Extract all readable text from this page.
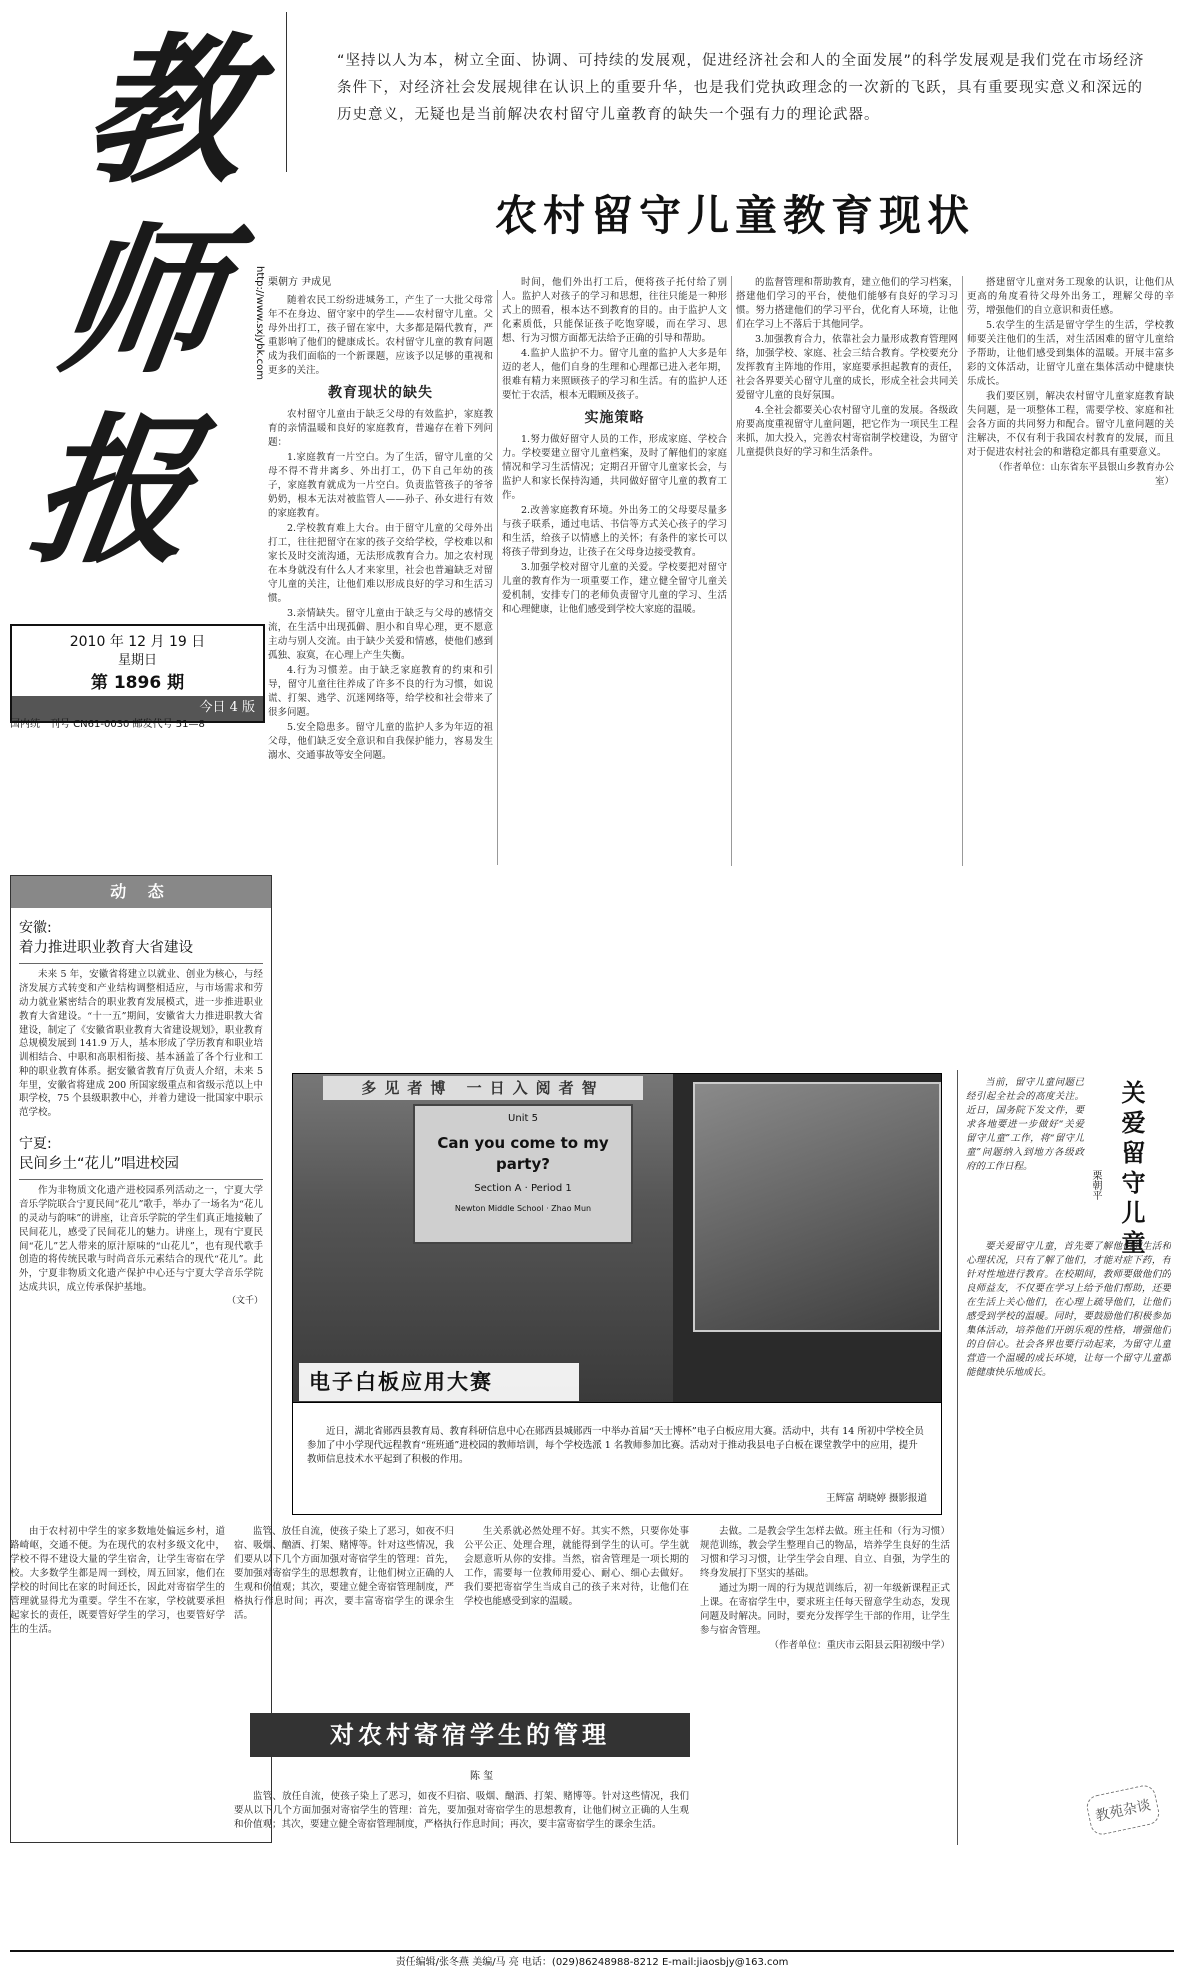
教师报
http://www.sxjybk.com
2010 年 12 月 19 日
星期日
第 1896 期
今日 4 版
国内统一刊号 CN61-0030 邮发代号 51—8

“坚持以人为本，树立全面、协调、可持续的发展观，促进经济社会和人的全面发展”的科学发展观是我们党在市场经济条件下，对经济社会发展规律在认识上的重要升华，也是我们党执政理念的一次新的飞跃，具有重要现实意义和深远的历史意义，无疑也是当前解决农村留守儿童教育的缺失一个强有力的理论武器。

农村留守儿童教育现状
栗朝方 尹成见

随着农民工纷纷进城务工，产生了一大批父母常年不在身边、留守家中的学生——农村留守儿童。父母外出打工，孩子留在家中，大多都是隔代教育，严重影响了他们的健康成长。农村留守儿童的教育问题成为我们面临的一个新课题，应该予以足够的重视和更多的关注。

教育现状的缺失

农村留守儿童由于缺乏父母的有效监护，家庭教育的亲情温暖和良好的家庭教育，普遍存在着下列问题：

1.家庭教育一片空白。为了生活，留守儿童的父母不得不背井离乡、外出打工，仍下自己年幼的孩子，家庭教育就成为一片空白。负责监管孩子的爷爷奶奶，根本无法对被监管人——孙子、孙女进行有效的家庭教育。

2.学校教育难上大台。由于留守儿童的父母外出打工，往往把留守在家的孩子交给学校，学校难以和家长及时交流沟通，无法形成教育合力。加之农村现在本身就没有什么人才来家里，社会也普遍缺乏对留守儿童的关注，让他们难以形成良好的学习和生活习惯。

3.亲情缺失。留守儿童由于缺乏与父母的感情交流，在生活中出现孤僻、胆小和自卑心理，更不愿意主动与别人交流。由于缺少关爱和情感，使他们感到孤独、寂寞，在心理上产生失衡。

4.行为习惯差。由于缺乏家庭教育的约束和引导，留守儿童往往养成了许多不良的行为习惯，如说谎、打架、逃学、沉迷网络等，给学校和社会带来了很多问题。

5.安全隐患多。留守儿童的监护人多为年迈的祖父母，他们缺乏安全意识和自我保护能力，容易发生溺水、交通事故等安全问题。

时间，他们外出打工后，便将孩子托付给了别人。监护人对孩子的学习和思想，往往只能是一种形式上的照看，根本达不到教育的目的。由于监护人文化素质低，只能保证孩子吃饱穿暖，而在学习、思想、行为习惯方面都无法给予正确的引导和帮助。

4.监护人监护不力。留守儿童的监护人大多是年迈的老人，他们自身的生理和心理都已进入老年期，很难有精力来照顾孩子的学习和生活。有的监护人还要忙于农活，根本无暇顾及孩子。

实施策略

1.努力做好留守人员的工作，形成家庭、学校合力。学校要建立留守儿童档案，及时了解他们的家庭情况和学习生活情况；定期召开留守儿童家长会，与监护人和家长保持沟通，共同做好留守儿童的教育工作。

2.改善家庭教育环境。外出务工的父母要尽量多与孩子联系，通过电话、书信等方式关心孩子的学习和生活，给孩子以情感上的关怀；有条件的家长可以将孩子带到身边，让孩子在父母身边接受教育。

3.加强学校对留守儿童的关爱。学校要把对留守儿童的教育作为一项重要工作，建立健全留守儿童关爱机制，安排专门的老师负责留守儿童的学习、生活和心理健康，让他们感受到学校大家庭的温暖。

的监督管理和帮助教育，建立他们的学习档案，搭建他们学习的平台，使他们能够有良好的学习习惯。努力搭建他们的学习平台，优化育人环境，让他们在学习上不落后于其他同学。

3.加强教育合力，依靠社会力量形成教育管理网络，加强学校、家庭、社会三结合教育。学校要充分发挥教育主阵地的作用，家庭要承担起教育的责任，社会各界要关心留守儿童的成长，形成全社会共同关爱留守儿童的良好氛围。

4.全社会都要关心农村留守儿童的发展。各级政府要高度重视留守儿童问题，把它作为一项民生工程来抓，加大投入，完善农村寄宿制学校建设，为留守儿童提供良好的学习和生活条件。

搭建留守儿童对务工现象的认识，让他们从更高的角度看待父母外出务工，理解父母的辛劳，增强他们的自立意识和责任感。

5.农学生的生活是留守学生的生活，学校教师要关注他们的生活，对生活困难的留守儿童给予帮助，让他们感受到集体的温暖。开展丰富多彩的文体活动，让留守儿童在集体活动中健康快乐成长。

我们要区别，解决农村留守儿童家庭教育缺失问题，是一项整体工程，需要学校、家庭和社会各方面的共同努力和配合。留守儿童问题的关注解决，不仅有利于我国农村教育的发展，而且对于促进农村社会的和谐稳定都具有重要意义。

（作者单位：山东省东平县银山乡教育办公室）

动 态
安徽:
着力推进职业教育大省建设

未来 5 年，安徽省将建立以就业、创业为核心，与经济发展方式转变和产业结构调整相适应，与市场需求和劳动力就业紧密结合的职业教育发展模式，进一步推进职业教育大省建设。“十一五”期间，安徽省大力推进职教大省建设，制定了《安徽省职业教育大省建设规划》，职业教育总规模发展到 141.9 万人，基本形成了学历教育和职业培训相结合、中职和高职相衔接、基本涵盖了各个行业和工种的职业教育体系。据安徽省教育厅负责人介绍，未来 5 年里，安徽省将建成 200 所国家级重点和省级示范以上中职学校，75 个县级职教中心，并着力建设一批国家中职示范学校。

宁夏:
民间乡土“花儿”唱进校园

作为非物质文化遗产进校园系列活动之一，宁夏大学音乐学院联合宁夏民间“花儿”歌手，举办了一场名为“花儿的灵动与韵味”的讲座，让音乐学院的学生们真正地接触了民间花儿，感受了民间花儿的魅力。讲座上，现有宁夏民间“花儿”艺人带来的原汁原味的“山花儿”，也有现代歌手创造的将传统民歌与时尚音乐元素结合的现代“花儿”。此外，宁夏非物质文化遗产保护中心还与宁夏大学音乐学院达成共识，成立传承保护基地。

（文千）
多见者博 一日入阅者智
Unit 5
Can you come to my party?
Section A · Period 1
Newton Middle School · Zhao Mun
电子白板应用大赛

近日，湖北省郧西县教育局、教育科研信息中心在郧西县城郧西一中举办首届“天士博杯”电子白板应用大赛。活动中，共有 14 所初中学校全员参加了中小学现代远程教育“班班通”进校园的教师培训，每个学校选派 1 名教师参加比赛。活动对于推动我县电子白板在课堂教学中的应用，提升教师信息技术水平起到了积极的作用。

王辉富 胡晓婷 摄影报道

当前，留守儿童问题已经引起全社会的高度关注。近日，国务院下发文件，要求各地要进一步做好“关爱留守儿童”工作，将“留守儿童”问题纳入到地方各级政府的工作日程。	关爱留守儿童
栗朝平

要关爱留守儿童，首先要了解他们的生活和心理状况，只有了解了他们，才能对症下药，有针对性地进行教育。在校期间，教师要做他们的良师益友，不仅要在学习上给予他们帮助，还要在生活上关心他们，在心理上疏导他们，让他们感受到学校的温暖。同时，要鼓励他们积极参加集体活动，培养他们开朗乐观的性格，增强他们的自信心。社会各界也要行动起来，为留守儿童营造一个温暖的成长环境，让每一个留守儿童都能健康快乐地成长。

教苑杂谈

由于农村初中学生的家多数地处偏远乡村，道路崎岖，交通不便。为在现代的农村多级文化中，学校不得不建设大量的学生宿舍，让学生寄宿在学校。大多数学生都是周一到校，周五回家，他们在学校的时间比在家的时间还长，因此对寄宿学生的管理就显得尤为重要。学生不在家，学校就要承担起家长的责任，既要管好学生的学习，也要管好学生的生活。

监管、放任自流，使孩子染上了恶习，如夜不归宿、吸烟、酗酒、打架、赌博等。针对这些情况，我们要从以下几个方面加强对寄宿学生的管理：首先，要加强对寄宿学生的思想教育，让他们树立正确的人生观和价值观；其次，要建立健全寄宿管理制度，严格执行作息时间；再次，要丰富寄宿学生的课余生活。

生关系就必然处理不好。其实不然，只要你处事公平公正、处理合理，就能得到学生的认可。学生就会愿意听从你的安排。当然，宿舍管理是一项长期的工作，需要每一位教师用爱心、耐心、细心去做好。我们要把寄宿学生当成自己的孩子来对待，让他们在学校也能感受到家的温暖。

对农村寄宿学生的管理
陈 玺

监管、放任自流，使孩子染上了恶习，如夜不归宿、吸烟、酗酒、打架、赌博等。针对这些情况，我们要从以下几个方面加强对寄宿学生的管理：首先，要加强对寄宿学生的思想教育，让他们树立正确的人生观和价值观；其次，要建立健全寄宿管理制度，严格执行作息时间；再次，要丰富寄宿学生的课余生活。

去做。二是教会学生怎样去做。班主任和（行为习惯）规范训练，教会学生整理自己的物品，培养学生良好的生活习惯和学习习惯，让学生学会自理、自立、自强，为学生的终身发展打下坚实的基础。

通过为期一周的行为规范训练后，初一年级新课程正式上课。在寄宿学生中，要求班主任每天留意学生动态，发现问题及时解决。同时，要充分发挥学生干部的作用，让学生参与宿舍管理。

（作者单位：重庆市云阳县云阳初级中学）

责任编辑/张冬燕 美编/马 亮 电话：(029)86248988-8212 E-mail:jiaosbjy@163.com
